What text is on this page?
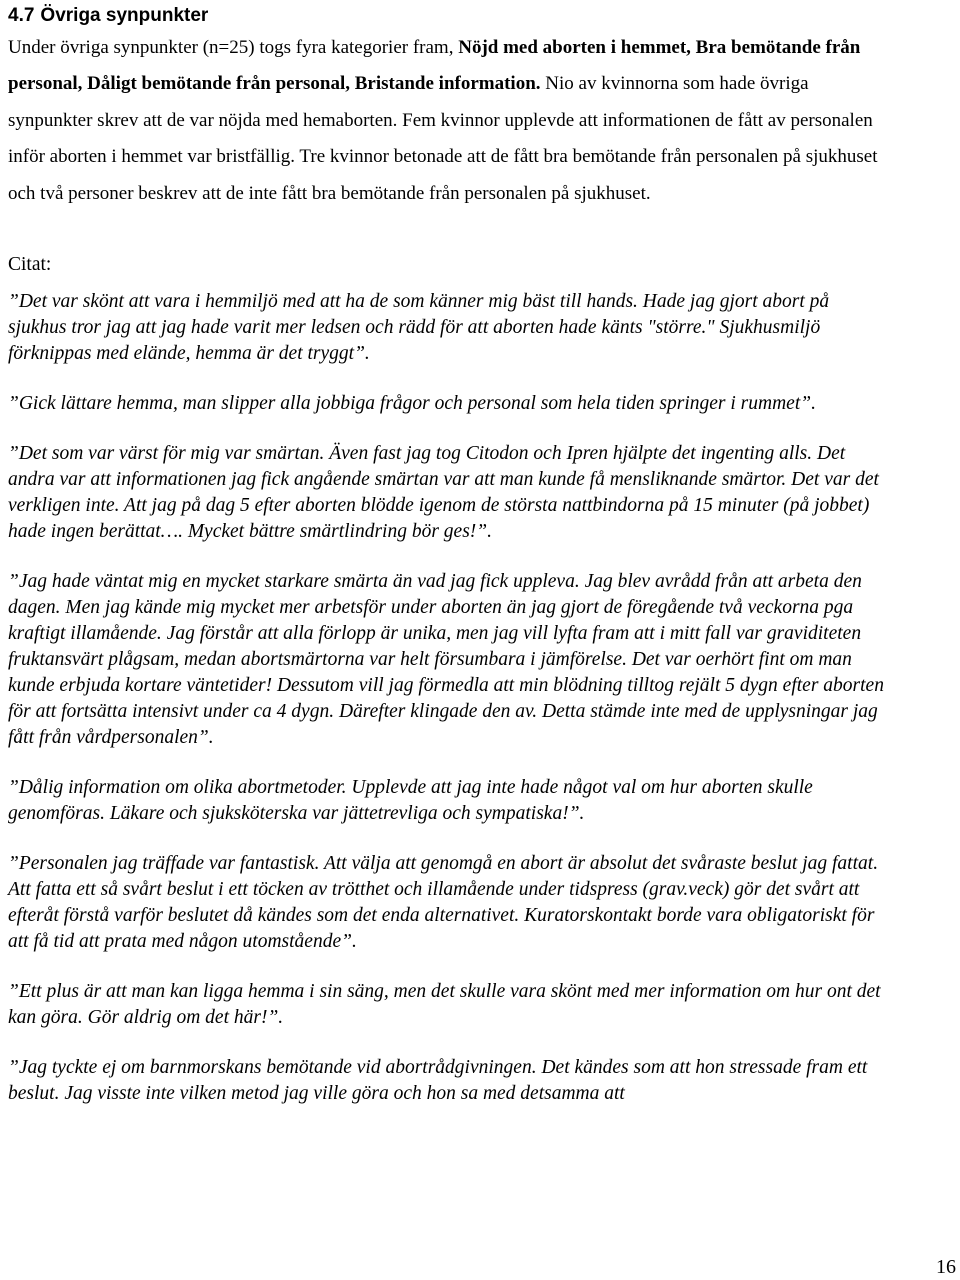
4.7 Övriga synpunkter

Under övriga synpunkter (n=25) togs fyra kategorier fram, Nöjd med aborten i hemmet, Bra bemötande från personal, Dåligt bemötande från personal, Bristande information. Nio av kvinnorna som hade övriga synpunkter skrev att de var nöjda med hemaborten. Fem kvinnor upplevde att informationen de fått av personalen inför aborten i hemmet var bristfällig. Tre kvinnor betonade att de fått bra bemötande från personalen på sjukhuset och två personer beskrev att de inte fått bra bemötande från personalen på sjukhuset.

Citat:

”Det var skönt att vara i hemmiljö med att ha de som känner mig bäst till hands. Hade jag gjort abort på sjukhus tror jag att jag hade varit mer ledsen och rädd för att aborten hade känts "större." Sjukhusmiljö förknippas med elände, hemma är det tryggt”.

”Gick lättare hemma, man slipper alla jobbiga frågor och personal som hela tiden springer i rummet”.

”Det som var värst för mig var smärtan. Även fast jag tog Citodon och Ipren hjälpte det ingenting alls. Det andra var att informationen jag fick angående smärtan var att man kunde få mensliknande smärtor. Det var det verkligen inte. Att jag på dag 5 efter aborten blödde igenom de största nattbindorna på 15 minuter (på jobbet) hade ingen berättat…. Mycket bättre smärtlindring bör ges!”.

”Jag hade väntat mig en mycket starkare smärta än vad jag fick uppleva. Jag blev avrådd från att arbeta den dagen. Men jag kände mig mycket mer arbetsför under aborten än jag gjort de föregående två veckorna pga kraftigt illamående. Jag förstår att alla förlopp är unika, men jag vill lyfta fram att i mitt fall var graviditeten fruktansvärt plågsam, medan abortsmärtorna var helt försumbara i jämförelse. Det var oerhört fint om man kunde erbjuda kortare väntetider! Dessutom vill jag förmedla att min blödning tilltog rejält 5 dygn efter aborten för att fortsätta intensivt under ca 4 dygn. Därefter klingade den av. Detta stämde inte med de upplysningar jag fått från vårdpersonalen”.

”Dålig information om olika abortmetoder. Upplevde att jag inte hade något val om hur aborten skulle genomföras. Läkare och sjuksköterska var jättetrevliga och sympatiska!”.

”Personalen jag träffade var fantastisk. Att välja att genomgå en abort är absolut det svåraste beslut jag fattat. Att fatta ett så svårt beslut i ett töcken av trötthet och illamående under tidspress (grav.veck) gör det svårt att efteråt förstå varför beslutet då kändes som det enda alternativet. Kuratorskontakt borde vara obligatoriskt för att få tid att prata med någon utomstående”.

”Ett plus är att man kan ligga hemma i sin säng, men det skulle vara skönt med mer information om hur ont det kan göra. Gör aldrig om det här!”.

”Jag tyckte ej om barnmorskans bemötande vid abortrådgivningen. Det kändes som att hon stressade fram ett beslut. Jag visste inte vilken metod jag ville göra och hon sa med detsamma att

16
